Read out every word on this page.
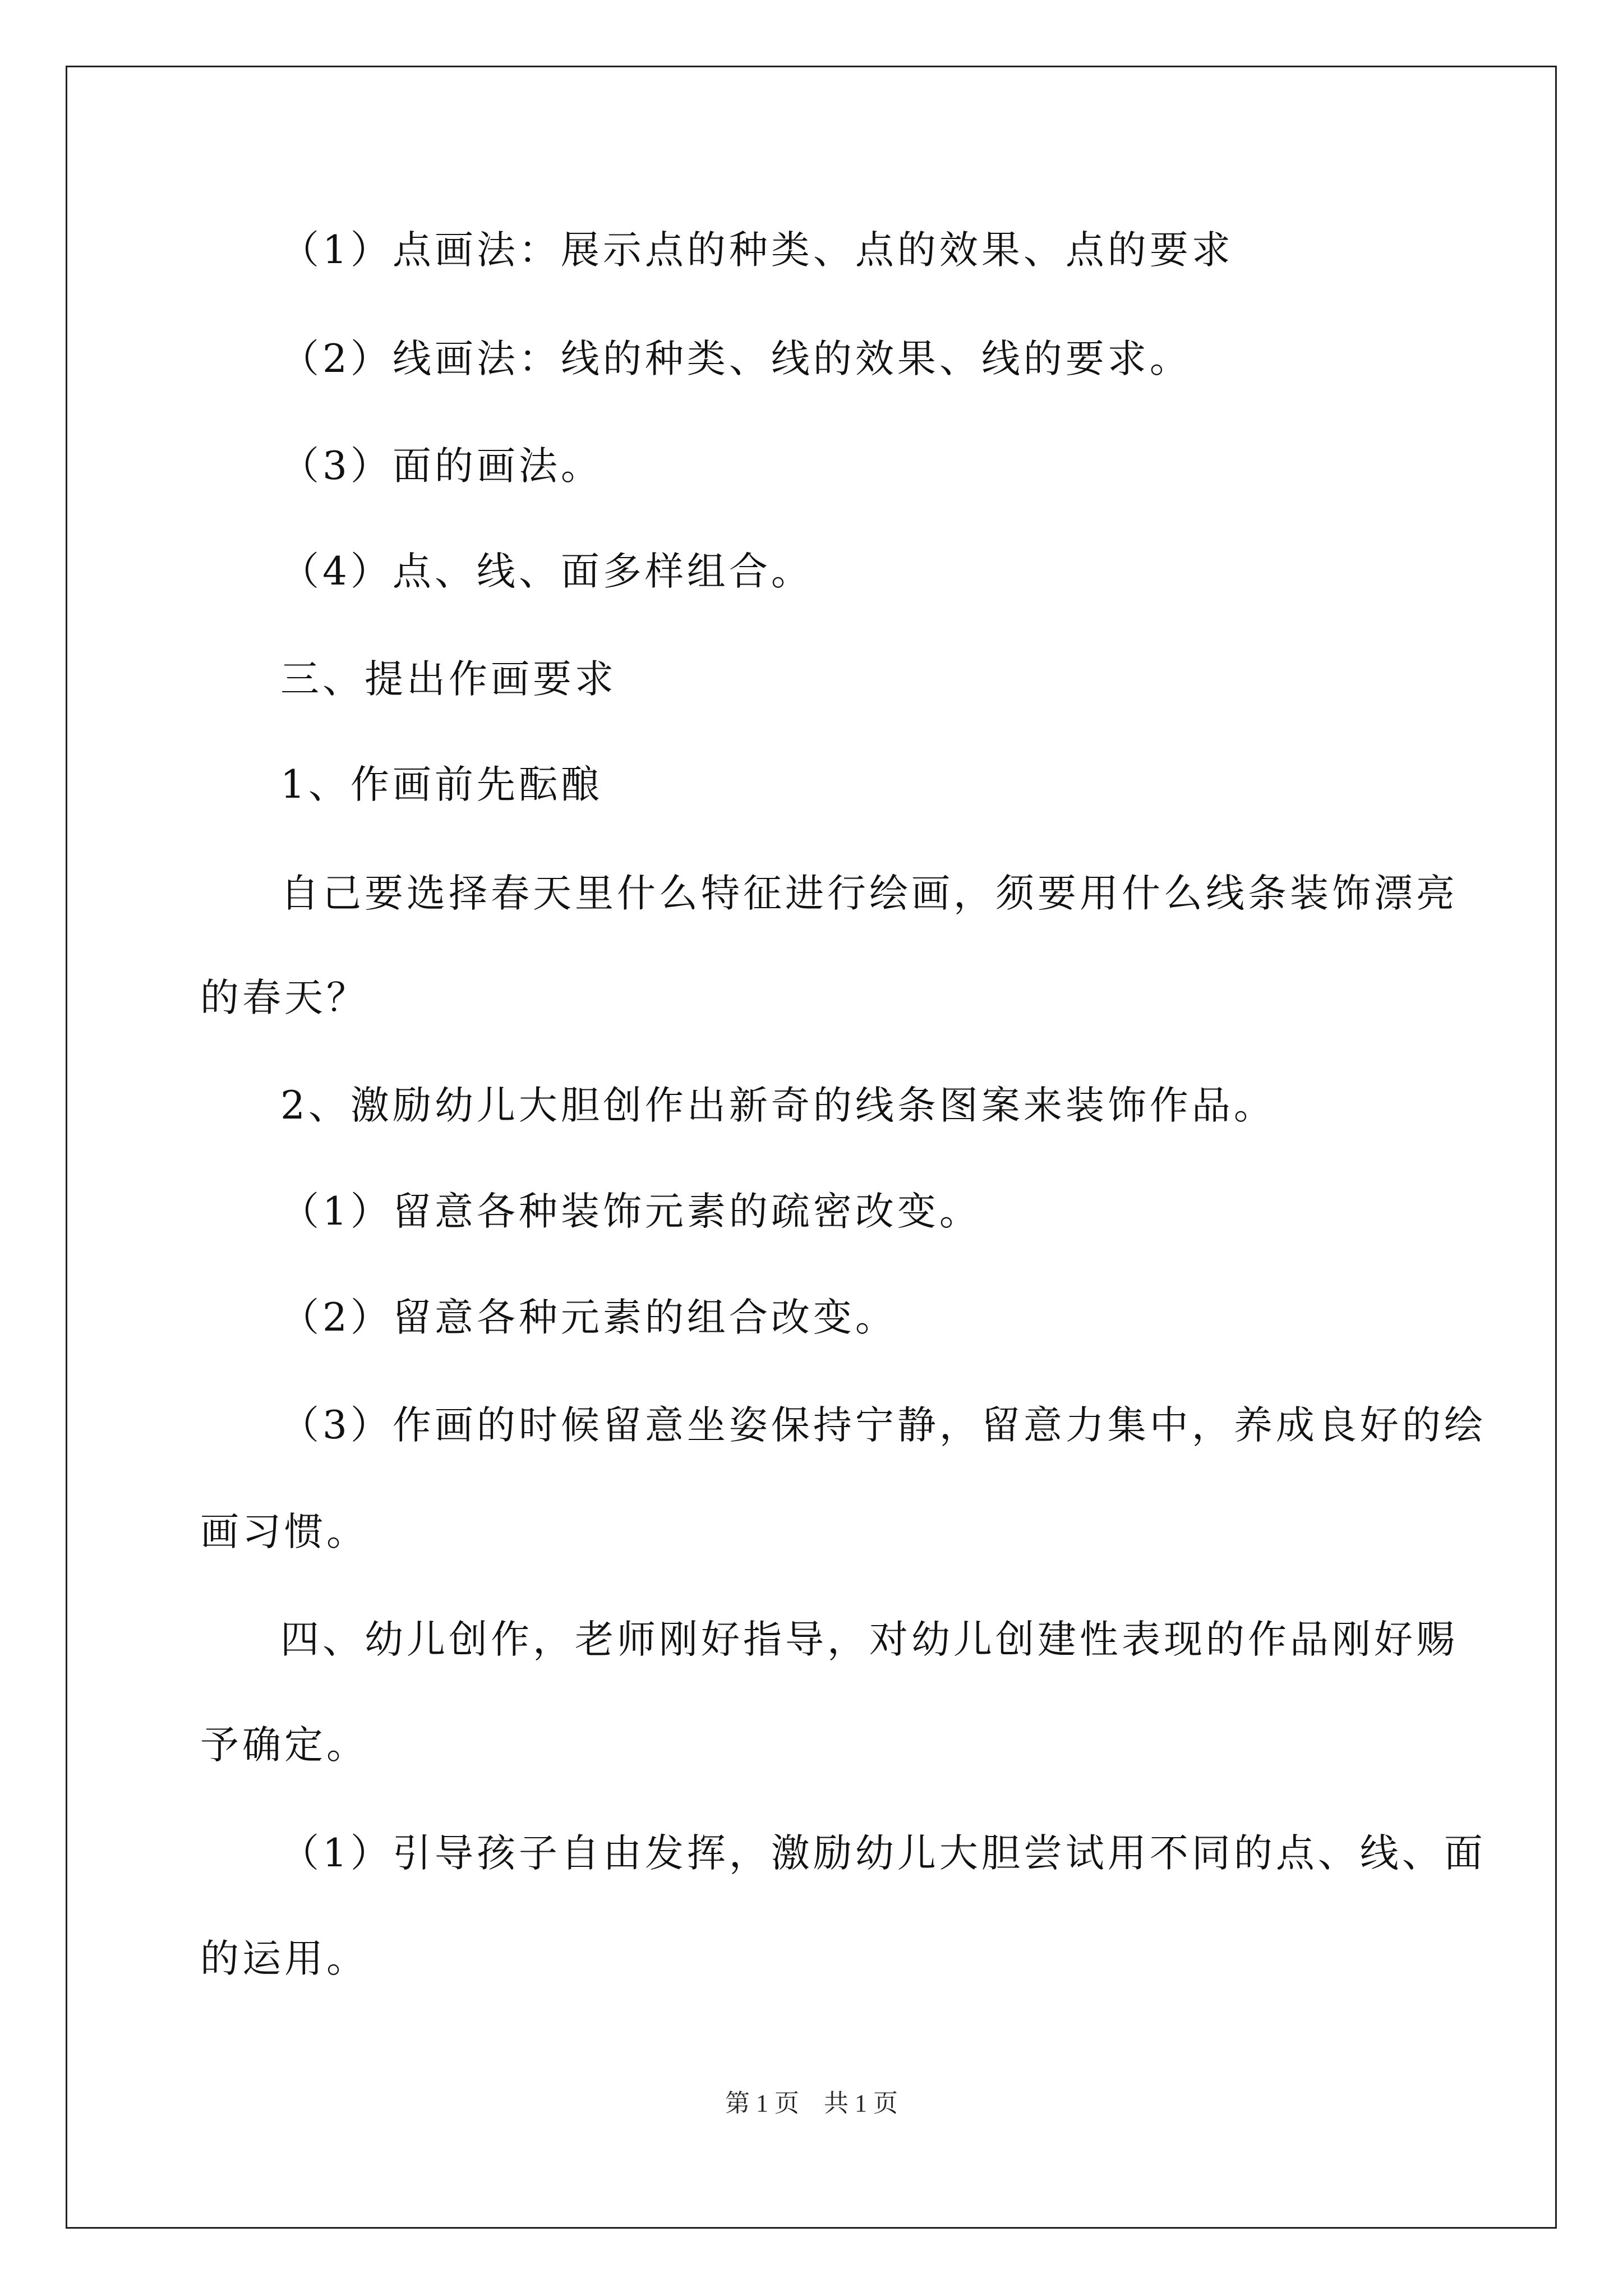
（1）点画法：展示点的种类、点的效果、点的要求
（2）线画法：线的种类、线的效果、线的要求。
（3）面的画法。
（4）点、线、面多样组合。
三、提出作画要求
1、作画前先酝酿
自己要选择春天里什么特征进行绘画，须要用什么线条装饰漂亮
的春天？
2、激励幼儿大胆创作出新奇的线条图案来装饰作品。
（1）留意各种装饰元素的疏密改变。
（2）留意各种元素的组合改变。
（3）作画的时候留意坐姿保持宁静，留意力集中，养成良好的绘
画习惯。
四、幼儿创作，老师刚好指导，对幼儿创建性表现的作品刚好赐
予确定。
（1）引导孩子自由发挥，激励幼儿大胆尝试用不同的点、线、面
的运用。
第 1 页　共 1 页
